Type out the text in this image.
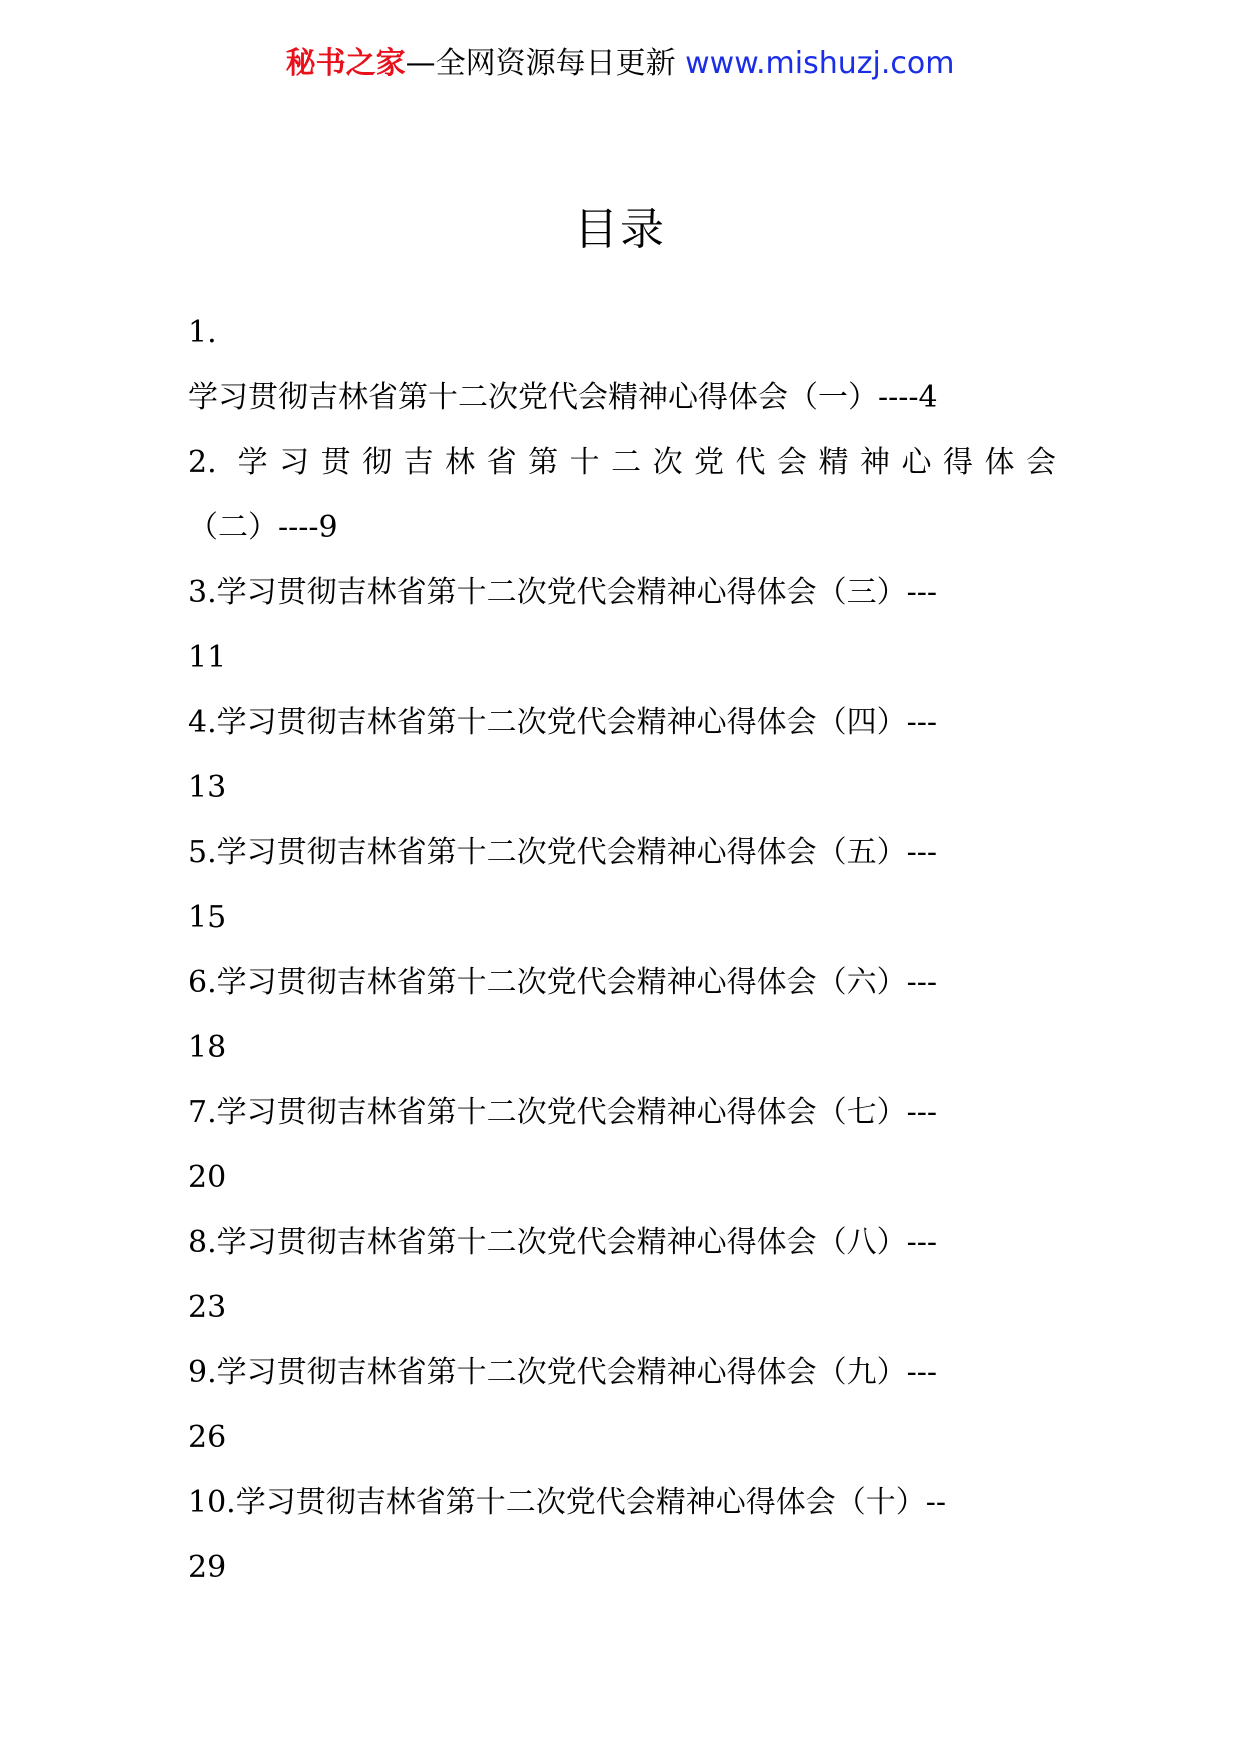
秘书之家—全网资源每日更新 www.mishuzj.com
目录
1.
学习贯彻吉林省第十二次党代会精神心得体会（一）----4
2. 学习贯彻吉林省第十二次党代会精神心得体会
（二）----9
3.学习贯彻吉林省第十二次党代会精神心得体会（三）---
11
4.学习贯彻吉林省第十二次党代会精神心得体会（四）---
13
5.学习贯彻吉林省第十二次党代会精神心得体会（五）---
15
6.学习贯彻吉林省第十二次党代会精神心得体会（六）---
18
7.学习贯彻吉林省第十二次党代会精神心得体会（七）---
20
8.学习贯彻吉林省第十二次党代会精神心得体会（八）---
23
9.学习贯彻吉林省第十二次党代会精神心得体会（九）---
26
10.学习贯彻吉林省第十二次党代会精神心得体会（十）--
29
